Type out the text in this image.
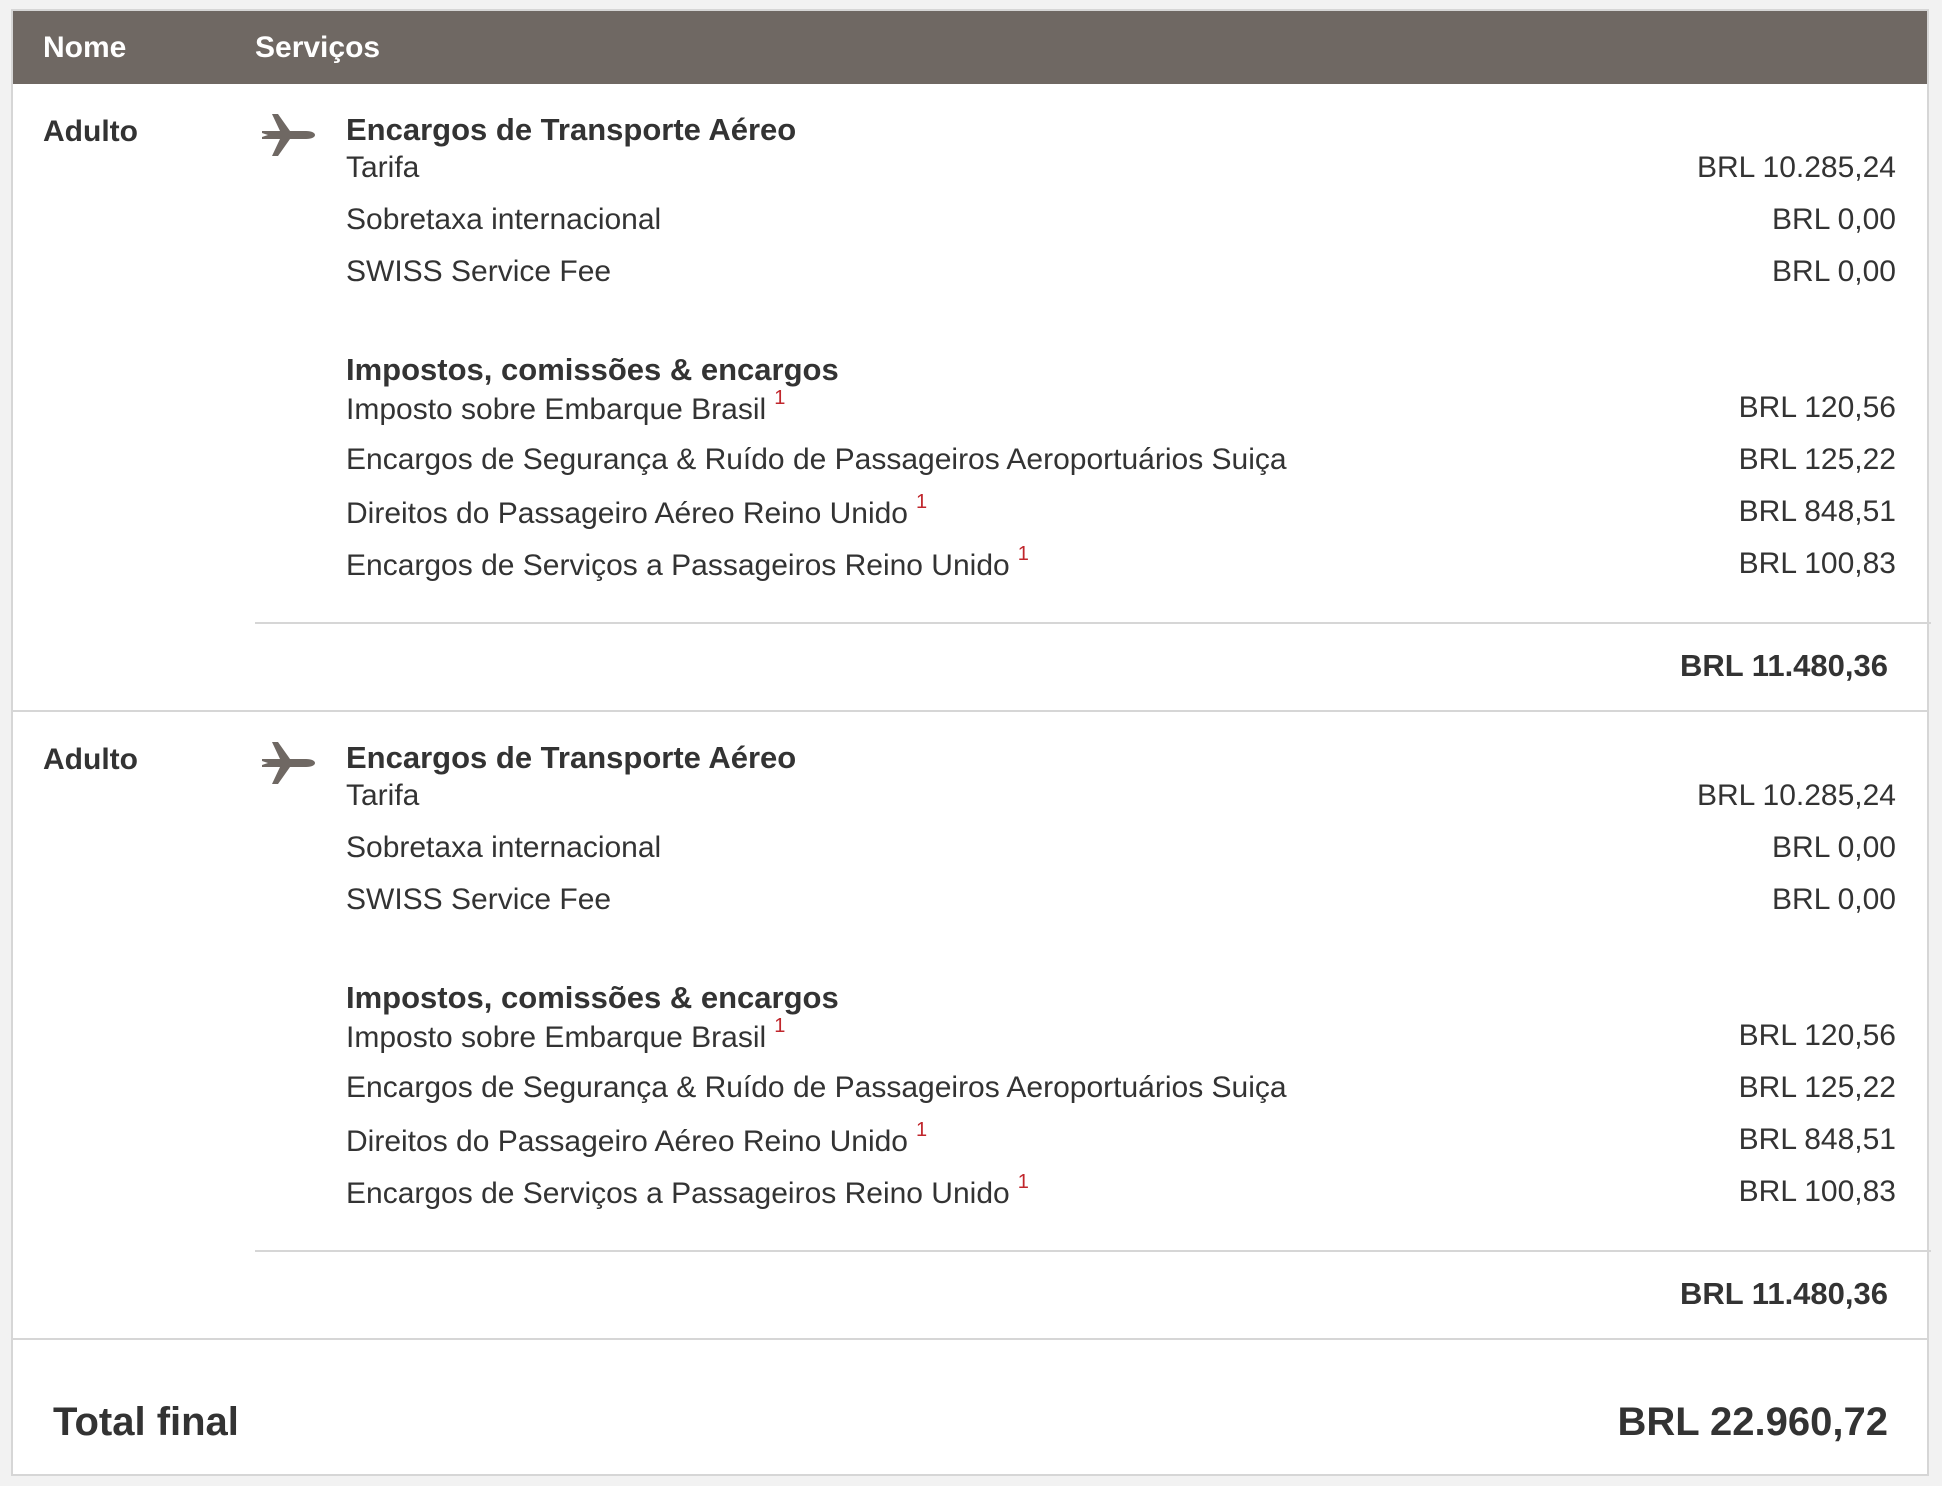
Nome	Serviços
Adulto	Encargos de Transporte Aéreo
Tarifa	BRL 10.285,24
Sobretaxa internacional	BRL 0,00
SWISS Service Fee	BRL 0,00
Impostos, comissões & encargos
Imposto sobre Embarque Brasil $^1$	BRL 120,56
Encargos de Segurança & Ruído de Passageiros Aeroportuários Suiça	BRL 125,22
Direitos do Passageiro Aéreo Reino Unido $^1$	BRL 848,51
Encargos de Serviços a Passageiros Reino Unido $^1$	BRL 100,83
BRL 11.480,36
Adulto	Encargos de Transporte Aéreo
Tarifa	BRL 10.285,24
Sobretaxa internacional	BRL 0,00
SWISS Service Fee	BRL 0,00
Impostos, comissões & encargos
Imposto sobre Embarque Brasil $^1$	BRL 120,56
Encargos de Segurança & Ruído de Passageiros Aeroportuários Suiça	BRL 125,22
Direitos do Passageiro Aéreo Reino Unido $^1$	BRL 848,51
Encargos de Serviços a Passageiros Reino Unido $^1$	BRL 100,83
BRL 11.480,36
Total final	BRL 22.960,72
